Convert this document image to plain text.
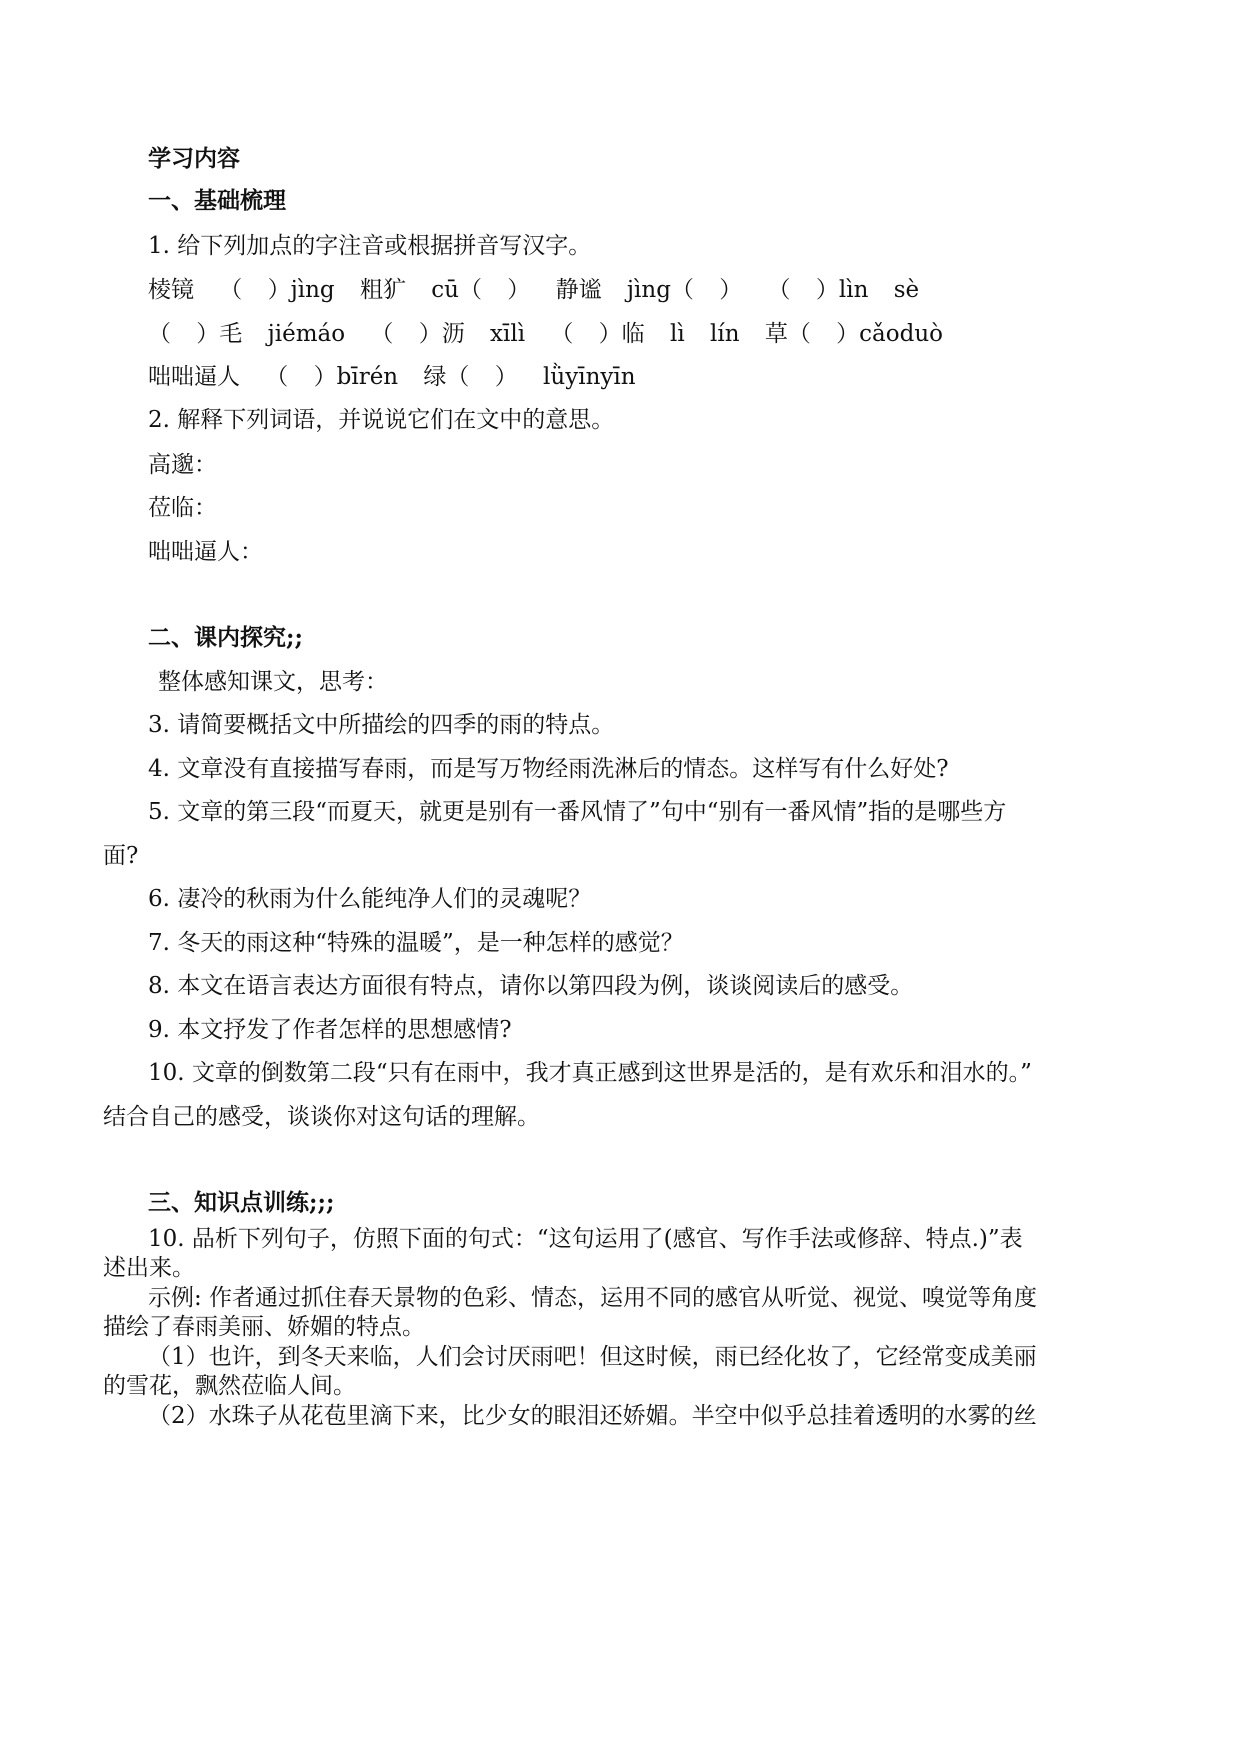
学习内容
一、基础梳理
1. 给下列加点的字注音或根据拼音写汉字。
棱镜 （ ）jìng 粗犷 cū（ ） 静谧 jìng（ ） （ ）lìn sè
（ ）毛 jiémáo （ ）沥 xīlì （ ）临 lì lín 草（ ）cǎoduò
咄咄逼人 （ ）bīrén 绿（ ） lǜyīnyīn
2. 解释下列词语，并说说它们在文中的意思。
高邈：
莅临：
咄咄逼人：
二、课内探究;;
整体感知课文，思考：
3. 请简要概括文中所描绘的四季的雨的特点。
4. 文章没有直接描写春雨，而是写万物经雨洗淋后的情态。这样写有什么好处?
5. 文章的第三段“而夏天，就更是别有一番风情了”句中“别有一番风情”指的是哪些方
面?
6. 凄冷的秋雨为什么能纯净人们的灵魂呢？
7. 冬天的雨这种“特殊的温暖”，是一种怎样的感觉？
8. 本文在语言表达方面很有特点，请你以第四段为例，谈谈阅读后的感受。
9. 本文抒发了作者怎样的思想感情?
10. 文章的倒数第二段“只有在雨中，我才真正感到这世界是活的，是有欢乐和泪水的。”
结合自己的感受，谈谈你对这句话的理解。
三、知识点训练;;;
10. 品析下列句子，仿照下面的句式：“这句运用了(感官、写作手法或修辞、特点.)”表
述出来。
示例: 作者通过抓住春天景物的色彩、情态，运用不同的感官从听觉、视觉、嗅觉等角度
描绘了春雨美丽、娇媚的特点。
（1）也许，到冬天来临，人们会讨厌雨吧！但这时候，雨已经化妆了，它经常变成美丽
的雪花，飘然莅临人间。
（2）水珠子从花苞里滴下来，比少女的眼泪还娇媚。半空中似乎总挂着透明的水雾的丝
